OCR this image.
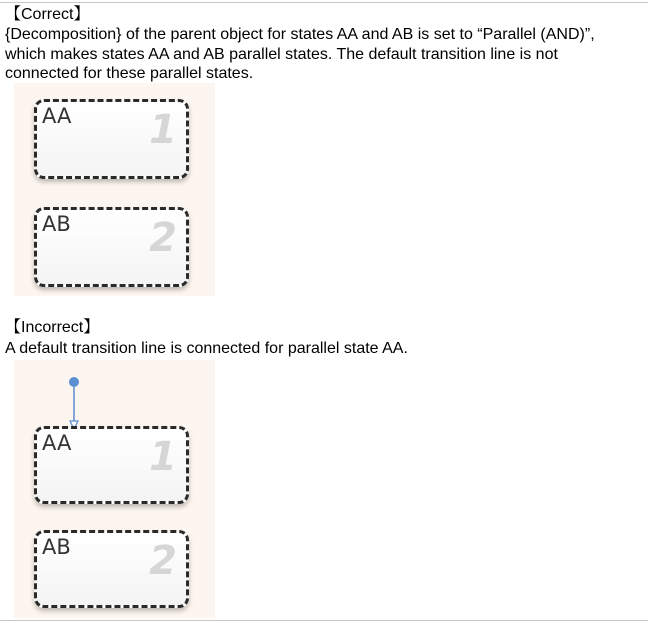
【Correct】
{Decomposition} of the parent object for states AA and AB is set to “Parallel (AND)”,
which makes states AA and AB parallel states. The default transition line is not
connected for these parallel states.
AA 1
AB 2
【Incorrect】
A default transition line is connected for parallel state AA.
AA 1
AB 2
